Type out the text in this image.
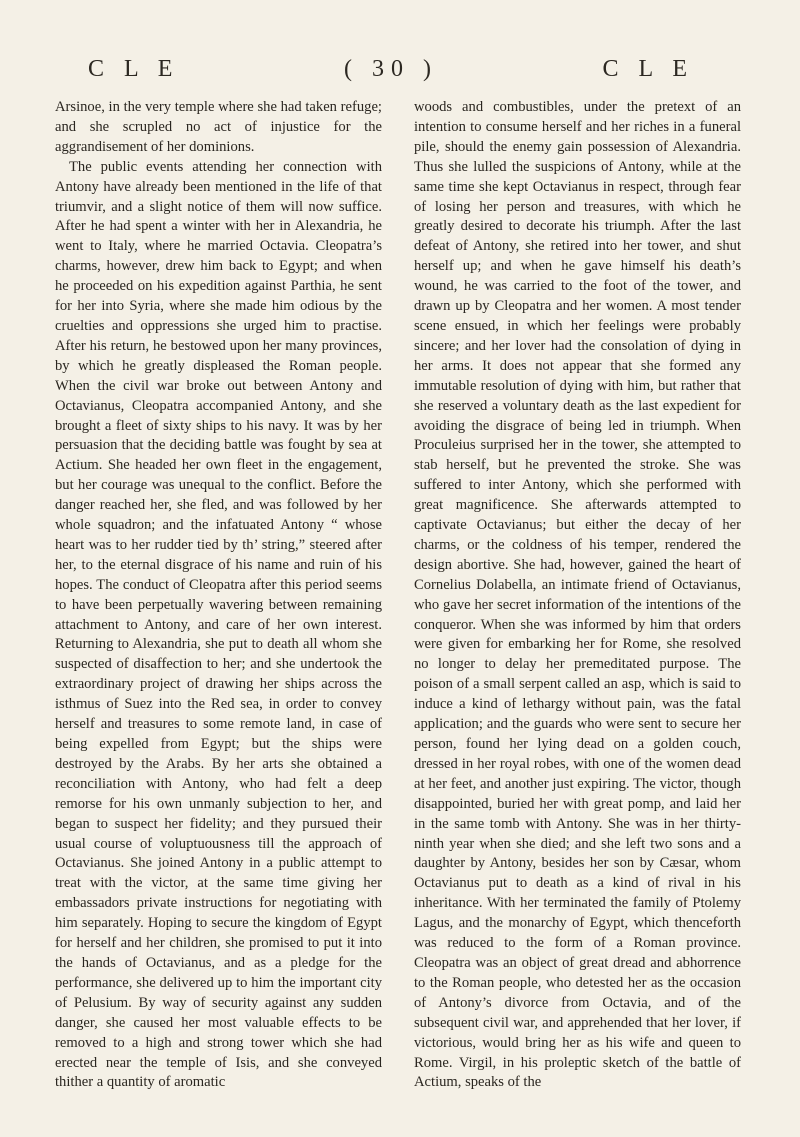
C L E	( 30 )	C L E

Arsinoe, in the very temple where she had taken refuge; and she scrupled no act of injustice for the aggrandisement of her dominions.

The public events attending her connection with Antony have already been mentioned in the life of that triumvir, and a slight notice of them will now suffice. After he had spent a winter with her in Alexandria, he went to Italy, where he married Octavia. Cleopatra’s charms, however, drew him back to Egypt; and when he proceeded on his expedition against Parthia, he sent for her into Syria, where she made him odious by the cruelties and oppressions she urged him to practise. After his return, he bestowed upon her many provinces, by which he greatly displeased the Roman people. When the civil war broke out between Antony and Octavianus, Cleopatra accompanied Antony, and she brought a fleet of sixty ships to his navy. It was by her persuasion that the deciding battle was fought by sea at Actium. She headed her own fleet in the engagement, but her courage was unequal to the conflict. Before the danger reached her, she fled, and was followed by her whole squadron; and the infatuated Antony “ whose heart was to her rudder tied by th’ string,” steered after her, to the eternal disgrace of his name and ruin of his hopes. The conduct of Cleopatra after this period seems to have been perpetually wavering between remaining attachment to Antony, and care of her own interest. Returning to Alexandria, she put to death all whom she suspected of disaffection to her; and she undertook the extraordinary project of drawing her ships across the isthmus of Suez into the Red sea, in order to convey herself and treasures to some remote land, in case of being expelled from Egypt; but the ships were destroyed by the Arabs. By her arts she obtained a reconciliation with Antony, who had felt a deep remorse for his own unmanly subjection to her, and began to suspect her fidelity; and they pursued their usual course of voluptuousness till the approach of Octavianus. She joined Antony in a public attempt to treat with the victor, at the same time giving her embassadors private instructions for negotiating with him separately. Hoping to secure the kingdom of Egypt for herself and her children, she promised to put it into the hands of Octavianus, and as a pledge for the performance, she delivered up to him the important city of Pelusium. By way of security against any sudden danger, she caused her most valuable effects to be removed to a high and strong tower which she had erected near the temple of Isis, and she conveyed thither a quantity of aromatic

woods and combustibles, under the pretext of an intention to consume herself and her riches in a funeral pile, should the enemy gain possession of Alexandria. Thus she lulled the suspicions of Antony, while at the same time she kept Octavianus in respect, through fear of losing her person and treasures, with which he greatly desired to decorate his triumph. After the last defeat of Antony, she retired into her tower, and shut herself up; and when he gave himself his death’s wound, he was carried to the foot of the tower, and drawn up by Cleopatra and her women. A most tender scene ensued, in which her feelings were probably sincere; and her lover had the consolation of dying in her arms. It does not appear that she formed any immutable resolution of dying with him, but rather that she reserved a voluntary death as the last expedient for avoiding the disgrace of being led in triumph. When Proculeius surprised her in the tower, she attempted to stab herself, but he prevented the stroke. She was suffered to inter Antony, which she performed with great magnificence. She afterwards attempted to captivate Octavianus; but either the decay of her charms, or the coldness of his temper, rendered the design abortive. She had, however, gained the heart of Cornelius Dolabella, an intimate friend of Octavianus, who gave her secret information of the intentions of the conqueror. When she was informed by him that orders were given for embarking her for Rome, she resolved no longer to delay her premeditated purpose. The poison of a small serpent called an asp, which is said to induce a kind of lethargy without pain, was the fatal application; and the guards who were sent to secure her person, found her lying dead on a golden couch, dressed in her royal robes, with one of the women dead at her feet, and another just expiring. The victor, though disappointed, buried her with great pomp, and laid her in the same tomb with Antony. She was in her thirty-ninth year when she died; and she left two sons and a daughter by Antony, besides her son by Cæsar, whom Octavianus put to death as a kind of rival in his inheritance. With her terminated the family of Ptolemy Lagus, and the monarchy of Egypt, which thenceforth was reduced to the form of a Roman province. Cleopatra was an object of great dread and abhorrence to the Roman people, who detested her as the occasion of Antony’s divorce from Octavia, and of the subsequent civil war, and apprehended that her lover, if victorious, would bring her as his wife and queen to Rome. Virgil, in his proleptic sketch of the battle of Actium, speaks of the
